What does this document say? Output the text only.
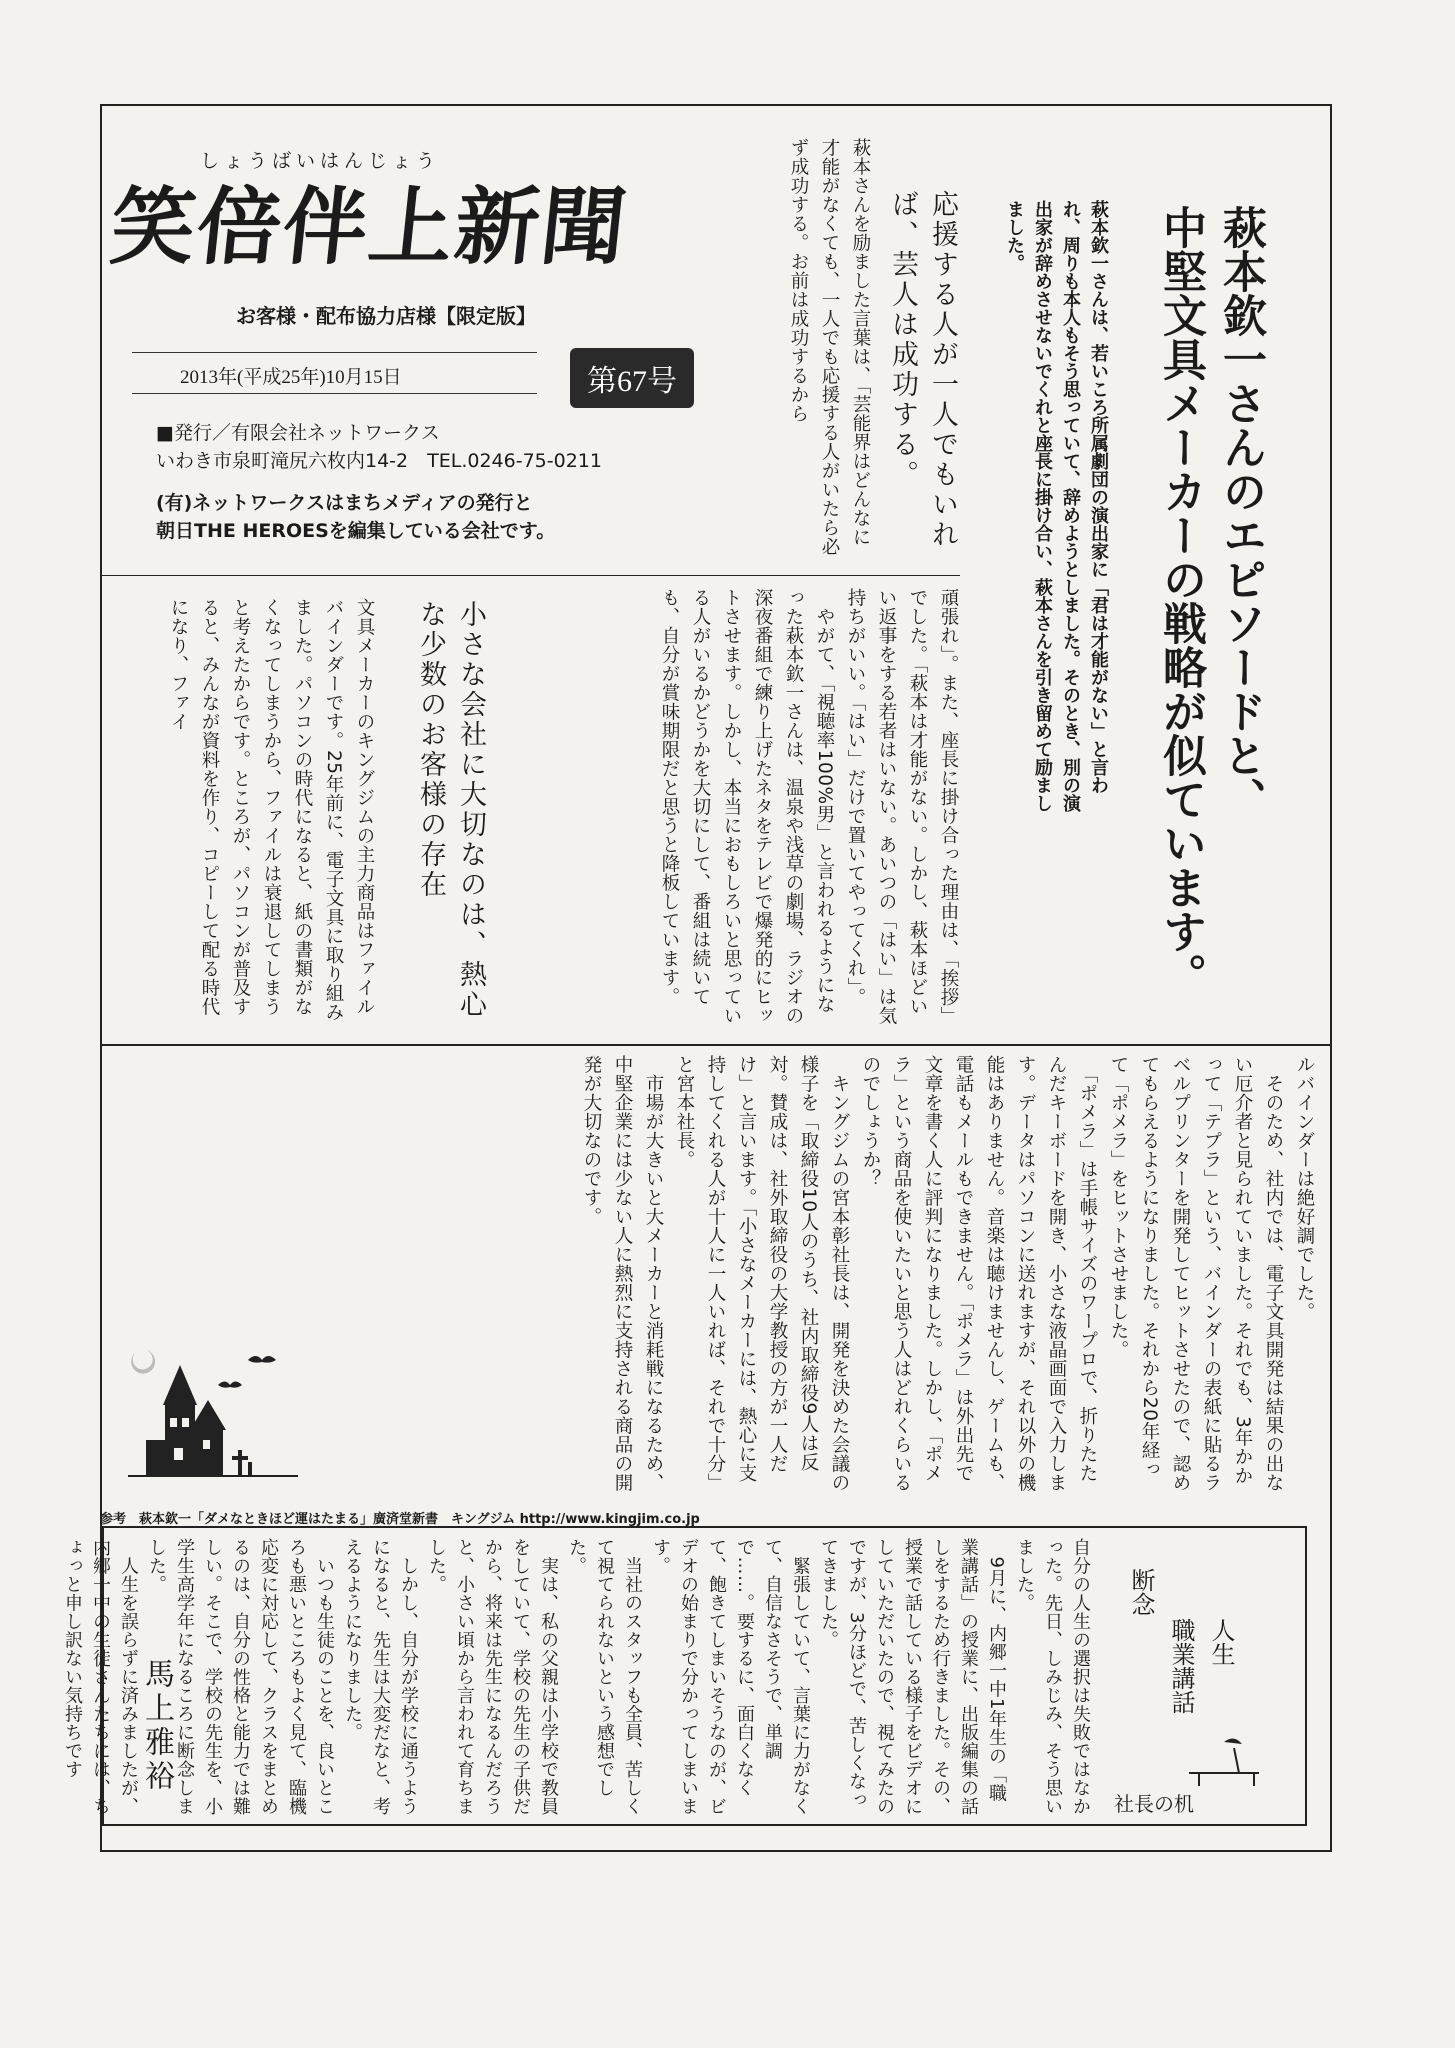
しょうばいはんじょう
笑倍伴上新聞
お客様・配布協力店様【限定版】
2013年(平成25年)10月15日	第67号
■発行／有限会社ネットワークス
いわき市泉町滝尻六枚内14-2　TEL.0246-75-0211
(有)ネットワークスはまちメディアの発行と
朝日THE HEROESを編集している会社です。	萩本欽一さんのエピソードと、
中堅文具メーカーの戦略が似ています。
萩本欽一さんは、若いころ所属劇団の演出家に「君は才能がない」と言われ、周りも本人もそう思っていて、辞めようとしました。そのとき、別の演出家が辞めさせないでくれと座長に掛け合い、萩本さんを引き留めて励ましました。
応援する人が一人でもいれば、芸人は成功する。
萩本さんを励ました言葉は、「芸能界はどんなに才能がなくても、一人でも応援する人がいたら必ず成功する。お前は成功するから
頑張れ」。また、座長に掛け合った理由は、「挨拶」でした。「萩本は才能がない。しかし、萩本ほどいい返事をする若者はいない。あいつの「はい」は気持ちがいい。「はい」だけで置いてやってくれ」。
　やがて、「視聴率100%男」と言われるようになった萩本欽一さんは、温泉や浅草の劇場、ラジオの深夜番組で練り上げたネタをテレビで爆発的にヒットさせます。しかし、本当におもしろいと思っている人がいるかどうかを大切にして、番組は続いても、自分が賞味期限だと思うと降板しています。
小さな会社に大切なのは、熱心な少数のお客様の存在
文具メーカーのキングジムの主力商品はファイルバインダーです。25年前に、電子文具に取り組みました。パソコンの時代になると、紙の書類がなくなってしまうから、ファイルは衰退してしまうと考えたからです。ところが、パソコンが普及すると、みんなが資料を作り、コピーして配る時代になり、ファイ
ルバインダーは絶好調でした。
　そのため、社内では、電子文具開発は結果の出ない厄介者と見られていました。それでも、3年かかって「テプラ」という、バインダーの表紙に貼るラベルプリンターを開発してヒットさせたので、認めてもらえるようになりました。それから20年経って「ポメラ」をヒットさせました。
　「ポメラ」は手帳サイズのワープロで、折りたたんだキーボードを開き、小さな液晶画面で入力します。データはパソコンに送れますが、それ以外の機能はありません。音楽は聴けませんし、ゲームも、電話もメールもできません。「ポメラ」は外出先で文章を書く人に評判になりました。しかし、「ポメラ」という商品を使いたいと思う人はどれくらいるのでしょうか？
　キングジムの宮本彰社長は、開発を決めた会議の様子を「取締役10人のうち、社内取締役9人は反対。賛成は、社外取締役の大学教授の方が一人だけ」と言います。「小さなメーカーには、熱心に支持してくれる人が十人に一人いれば、それで十分」と宮本社長。
　市場が大きいと大メーカーと消耗戦になるため、中堅企業には少ない人に熱烈に支持される商品の開発が大切なのです。
参考　萩本欽一「ダメなときほど運はたまる」廣済堂新書　キングジム http://www.kingjim.co.jp
人生
職業講話
断念
自分の人生の選択は失敗ではなかった。先日、しみじみ、そう思いました。
　9月に、内郷一中1年生の「職業講話」の授業に、出版編集の話しをするため行きました。その、授業で話している様子をビデオにしていただいたので、視てみたのですが、3分ほどで、苦しくなってきました。
　緊張していて、言葉に力がなくて、自信なさそうで、単調で……。要するに、面白くなくて、飽きてしまいそうなのが、ビデオの始まりで分かってしまいます。
　当社のスタッフも全員、苦しくて視てられないという感想でした。
　実は、私の父親は小学校で教員をしていて、学校の先生の子供だから、将来は先生になるんだろうと、小さい頃から言われて育ちました。
　しかし、自分が学校に通うようになると、先生は大変だなと、考えるようになりました。
　いつも生徒のことを、良いところも悪いところもよく見て、臨機応変に対応して、クラスをまとめるのは、自分の性格と能力では難しい。そこで、学校の先生を、小学生高学年になるころに断念しました。
　人生を誤らずに済みましたが、内郷一中の生徒さんたちには、ちょっと申し訳ない気持ちです	馬上雅裕
社長の机
